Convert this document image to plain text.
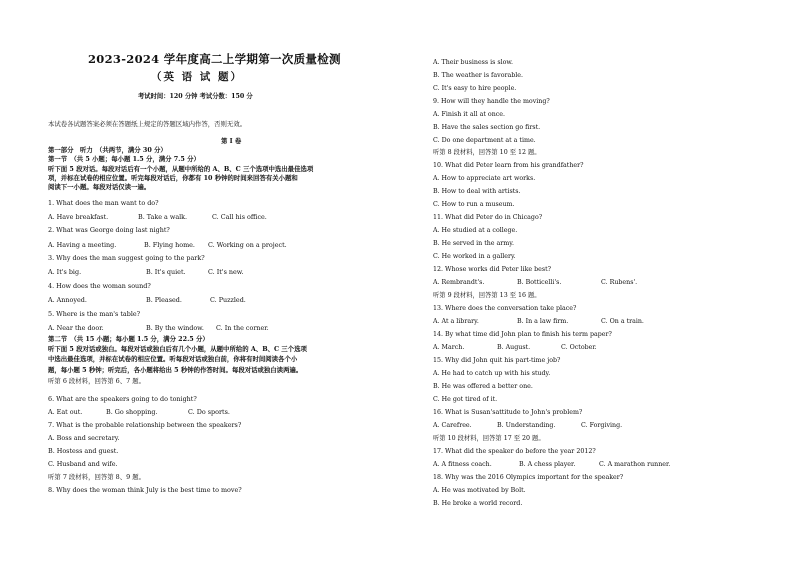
2023-2024 学年度高二上学期第一次质量检测
（英 语 试 题）
考试时间：120 分钟 考试分数：150 分
本试卷各试题答案必须在答题纸上规定的答题区域内作答，否则无效。
第 I 卷
第一部分　听力　（共两节，满分 30 分）
第一节　（共 5 小题；每小题 1.5 分，满分 7.5 分）
听下面 5 段对话。每段对话后有一个小题，从题中所给的 A、B、C 三个选项中选出最佳选项
项，并标在试卷的相应位置。听完每段对话后，你都有 10 秒钟的时间来回答有关小题和
阅读下一小题。每段对话仅读一遍。
1. What does the man want to do?
A. Have breakfast.	B. Take a walk.	C. Call his office.
2. What was George doing last night?
A. Having a meeting.	B. Flying home. C. Working on a project.
3. Why does the man suggest going to the park?
A. It's big.	B. It's quiet.	C. It's new.
4. How does the woman sound?
A. Annoyed.	B. Pleased.	C. Puzzled.
5. Where is the man's table?
A. Near the door.	B. By the window. C. In the corner.
第二节　（共 15 小题；每小题 1.5 分，满分 22.5 分）
听下面 5 段对话或独白。每段对话或独白后有几个小题，从题中所给的 A、B、C 三个选项
中选出最佳选项，并标在试卷的相应位置。听每段对话或独白前，你将有时间阅读各个小
题，每小题 5 秒钟；听完后，各小题将给出 5 秒钟的作答时间。每段对话或独白读两遍。
听第 6 段材料，回答第 6、7 题。
6. What are the speakers going to do tonight?
A. Eat out.	B. Go shopping.	C. Do sports.
7. What is the probable relationship between the speakers?
A. Boss and secretary.
B. Hostess and guest.
C. Husband and wife.
听第 7 段材料，回答第 8、9 题。
8. Why does the woman think July is the best time to move?
A. Their business is slow.
B. The weather is favorable.
C. It's easy to hire people.
9. How will they handle the moving?
A. Finish it all at once.
B. Have the sales section go first.
C. Do one department at a time.
听第 8 段材料，回答第 10 至 12 题。
10. What did Peter learn from his grandfather?
A. How to appreciate art works.
B. How to deal with artists.
C. How to run a museum.
11. What did Peter do in Chicago?
A. He studied at a college.
B. He served in the army.
C. He worked in a gallery.
12. Whose works did Peter like best?
A. Rembrandt's.	B. Botticelli's.	C. Rubens'.
听第 9 段材料，回答第 13 至 16 题。
13. Where does the conversation take place?
A. At a library.	B. In a law firm.	C. On a train.
14. By what time did John plan to finish his term paper?
A. March.	B. August.	C. October.
15. Why did John quit his part-time job?
A. He had to catch up with his study.
B. He was offered a better one.
C. He got tired of it.
16. What is Susan'sattitude to John's problem?
A. Carefree.	B. Understanding.	C. Forgiving.
听第 10 段材料，回答第 17 至 20 题。
17. What did the speaker do before the year 2012?
A. A fitness coach.	B. A chess player.	C. A marathon runner.
18. Why was the 2016 Olympics important for the speaker?
A. He was motivated by Bolt.
B. He broke a world record.
